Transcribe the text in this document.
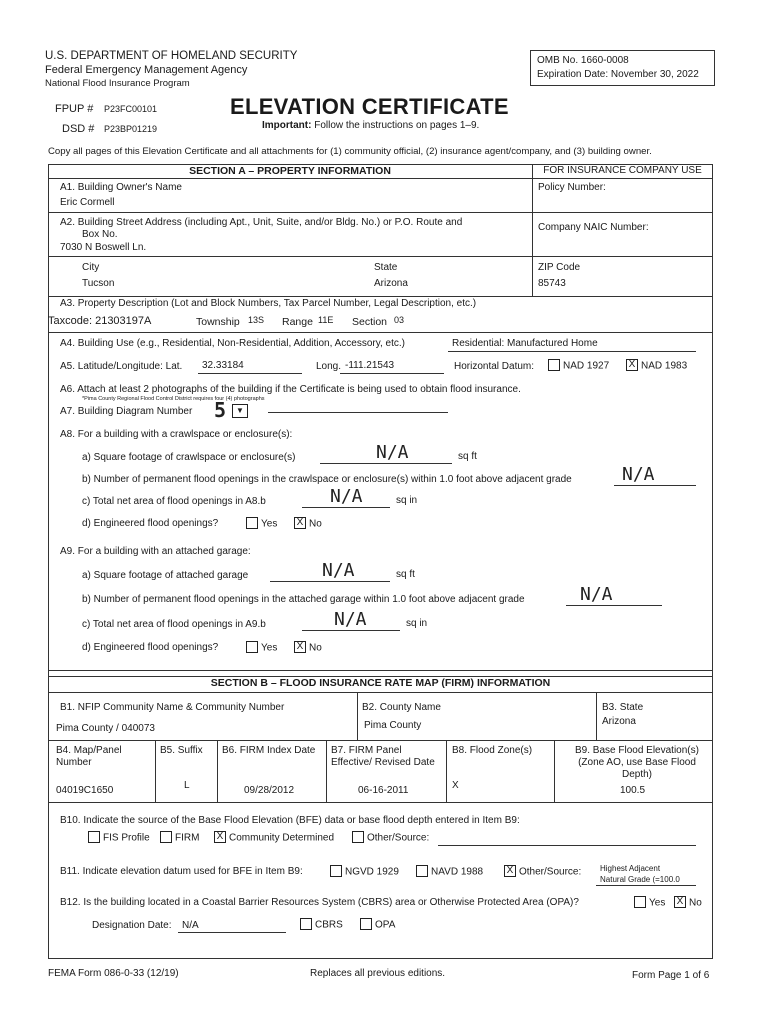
U.S. DEPARTMENT OF HOMELAND SECURITY
Federal Emergency Management Agency
National Flood Insurance Program
OMB No. 1660-0008
Expiration Date: November 30, 2022
FPUP # P23FC00101
DSD # P23BP01219
ELEVATION CERTIFICATE
Important: Follow the instructions on pages 1–9.
Copy all pages of this Elevation Certificate and all attachments for (1) community official, (2) insurance agent/company, and (3) building owner.
SECTION A – PROPERTY INFORMATION	FOR INSURANCE COMPANY USE
Policy Number:
Company NAIC Number:
A1. Building Owner's Name
Eric Cormell
A2. Building Street Address (including Apt., Unit, Suite, and/or Bldg. No.) or P.O. Route and
Box No.
7030 N Boswell Ln.
City
Tucson
State
Arizona
ZIP Code
85743
A3. Property Description (Lot and Block Numbers, Tax Parcel Number, Legal Description, etc.)
Taxcode: 21303197A	Township 13S Range 11E Section 03
A4. Building Use (e.g., Residential, Non-Residential, Addition, Accessory, etc.)	Residential: Manufactured Home
A5. Latitude/Longitude: Lat. 32.33184	Long. -111.21543	Horizontal Datum:	NAD 1927 X NAD 1983
A6. Attach at least 2 photographs of the building if the Certificate is being used to obtain flood insurance.
*Pima County Regional Flood Control District requires four (4) photographs
A7. Building Diagram Number 5	▼
A8. For a building with a crawlspace or enclosure(s):
a) Square footage of crawlspace or enclosure(s)	N/A	sq ft
b) Number of permanent flood openings in the crawlspace or enclosure(s) within 1.0 foot above adjacent grade	N/A
c) Total net area of flood openings in A8.b	N/A	sq in
d) Engineered flood openings?	Yes X No
A9. For a building with an attached garage:
a) Square footage of attached garage	N/A	sq ft
b) Number of permanent flood openings in the attached garage within 1.0 foot above adjacent grade	N/A
c) Total net area of flood openings in A9.b	N/A	sq in
d) Engineered flood openings?	Yes X No
SECTION B – FLOOD INSURANCE RATE MAP (FIRM) INFORMATION
B1. NFIP Community Name & Community Number
Pima County / 040073
B2. County Name
Pima County
B3. State
Arizona
B4. Map/Panel Number
04019C1650
B5. Suffix
L
B6. FIRM Index Date
09/28/2012
B7. FIRM Panel Effective/ Revised Date
06-16-2011
B8. Flood Zone(s)
X
B9. Base Flood Elevation(s) (Zone AO, use Base Flood Depth)
100.5
B10. Indicate the source of the Base Flood Elevation (BFE) data or base flood depth entered in Item B9:
FIS Profile	FIRM X Community Determined	Other/Source:
B11. Indicate elevation datum used for BFE in Item B9:	NGVD 1929	NAVD 1988 X Other/Source: Highest Adjacent
Natural Grade (=100.0
B12. Is the building located in a Coastal Barrier Resources System (CBRS) area or Otherwise Protected Area (OPA)?	Yes X No
Designation Date: N/A	CBRS	OPA
FEMA Form 086-0-33 (12/19)	Replaces all previous editions.	Form Page 1 of 6
